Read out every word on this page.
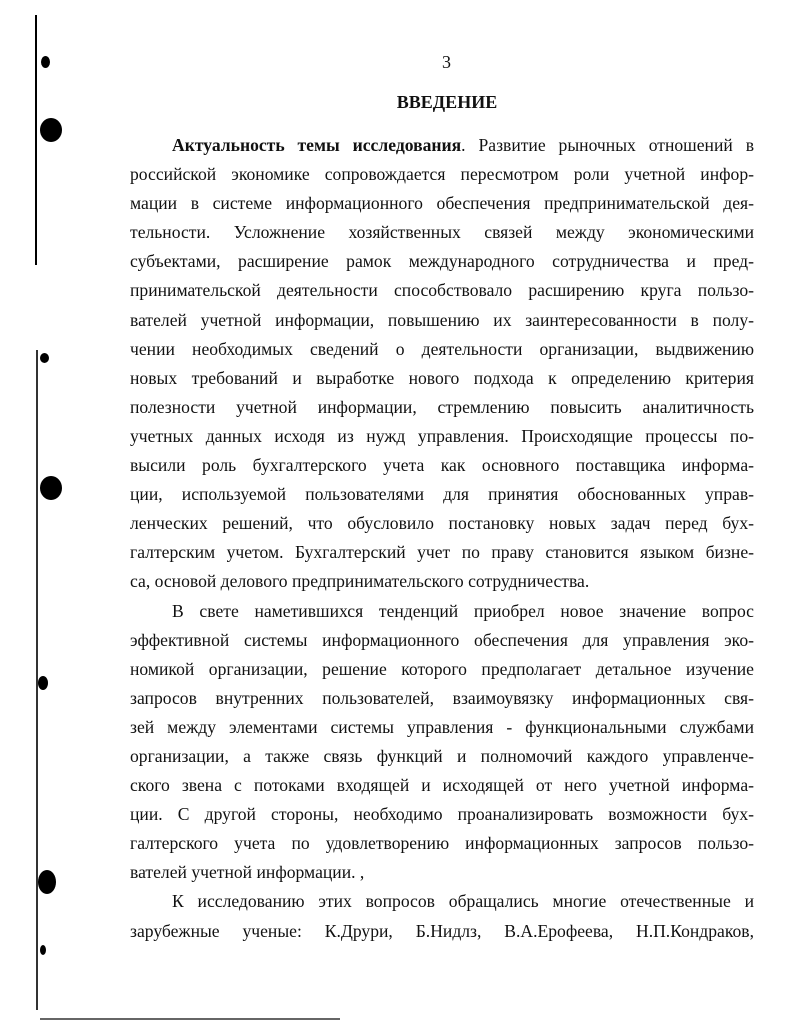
3
ВВЕДЕНИЕ
Актуальность темы исследования. Развитие рыночных отношений в
российской экономике сопровождается пересмотром роли учетной инфор-
мации в системе информационного обеспечения предпринимательской дея-
тельности. Усложнение хозяйственных связей между экономическими
субъектами, расширение рамок международного сотрудничества и пред-
принимательской деятельности способствовало расширению круга пользо-
вателей учетной информации, повышению их заинтересованности в полу-
чении необходимых сведений о деятельности организации, выдвижению
новых требований и выработке нового подхода к определению критерия
полезности учетной информации, стремлению повысить аналитичность
учетных данных исходя из нужд управления. Происходящие процессы по-
высили роль бухгалтерского учета как основного поставщика информа-
ции, используемой пользователями для принятия обоснованных управ-
ленческих решений, что обусловило постановку новых задач перед бух-
галтерским учетом. Бухгалтерский учет по праву становится языком бизне-
са, основой делового предпринимательского сотрудничества.
В свете наметившихся тенденций приобрел новое значение вопрос
эффективной системы информационного обеспечения для управления эко-
номикой организации, решение которого предполагает детальное изучение
запросов внутренних пользователей, взаимоувязку информационных свя-
зей между элементами системы управления - функциональными службами
организации, а также связь функций и полномочий каждого управленче-
ского звена с потоками входящей и исходящей от него учетной информа-
ции. С другой стороны, необходимо проанализировать возможности бух-
галтерского учета по удовлетворению информационных запросов пользо-
вателей учетной информации. ,
К исследованию этих вопросов обращались многие отечественные и
зарубежные ученые: К.Друри, Б.Нидлз, В.А.Ерофеева, Н.П.Кондраков,
